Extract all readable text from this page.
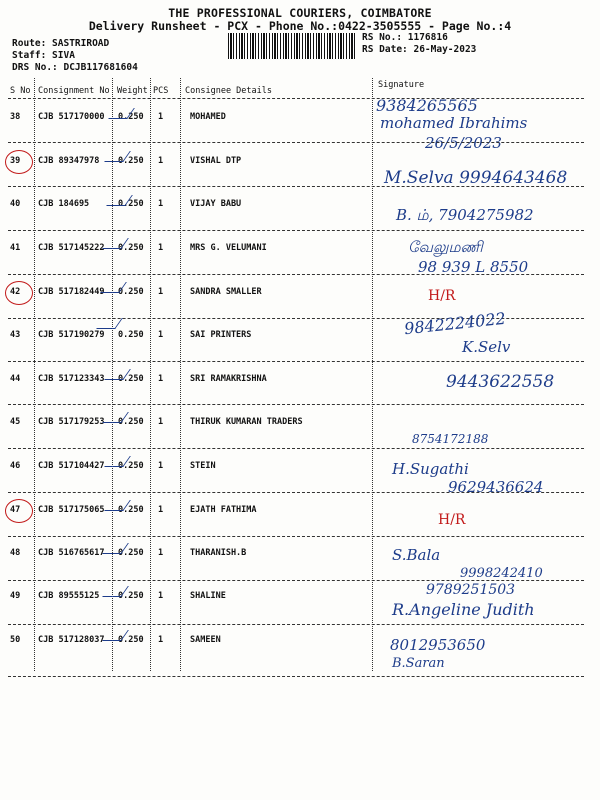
THE PROFESSIONAL COURIERS, COIMBATORE
Delivery Runsheet - PCX - Phone No.:0422-3505555 - Page No.:4
Route: SASTRIROAD
Staff: SIVA
DRS No.: DCJB117681604
RS No.: 1176816
RS Date: 26-May-2023
S No Consignment No Weight PCS Consignee Details
Signature
38 CJB 517170000 0.250 1	MOHAMED
9384265565
mohamed Ibrahims
26/5/2023
39 CJB 89347978 0.250 1	VISHAL DTP
M.Selva 9994643468
40 CJB 184695	0.250 1	VIJAY BABU
B. ம், 7904275982
41 CJB 517145222 0.250 1	MRS G. VELUMANI	வேலுமணி
98 939 L 8550
42 CJB 517182449 0.250 1	SANDRA SMALLER	H/R
43 CJB 517190279 0.250 1	SAI PRINTERS	9842224022
K.Selv
44 CJB 517123343 0.250 1	SRI RAMAKRISHNA	9443622558
45 CJB 517179253 0.250 1	THIRUK KUMARAN TRADERS
8754172188
46 CJB 517104427 0.250 1	STEIN	H.Sugathi
9629436624
47 CJB 517175065 0.250 1	EJATH FATHIMA
H/R
48 CJB 516765617 0.250 1	THARANISH.B	S.Bala
9998242410
49 CJB 89555125 0.250 1	SHALINE	9789251503
R.Angeline Judith
50 CJB 517128037 0.250 1	SAMEEN	8012953650
B.Saran
